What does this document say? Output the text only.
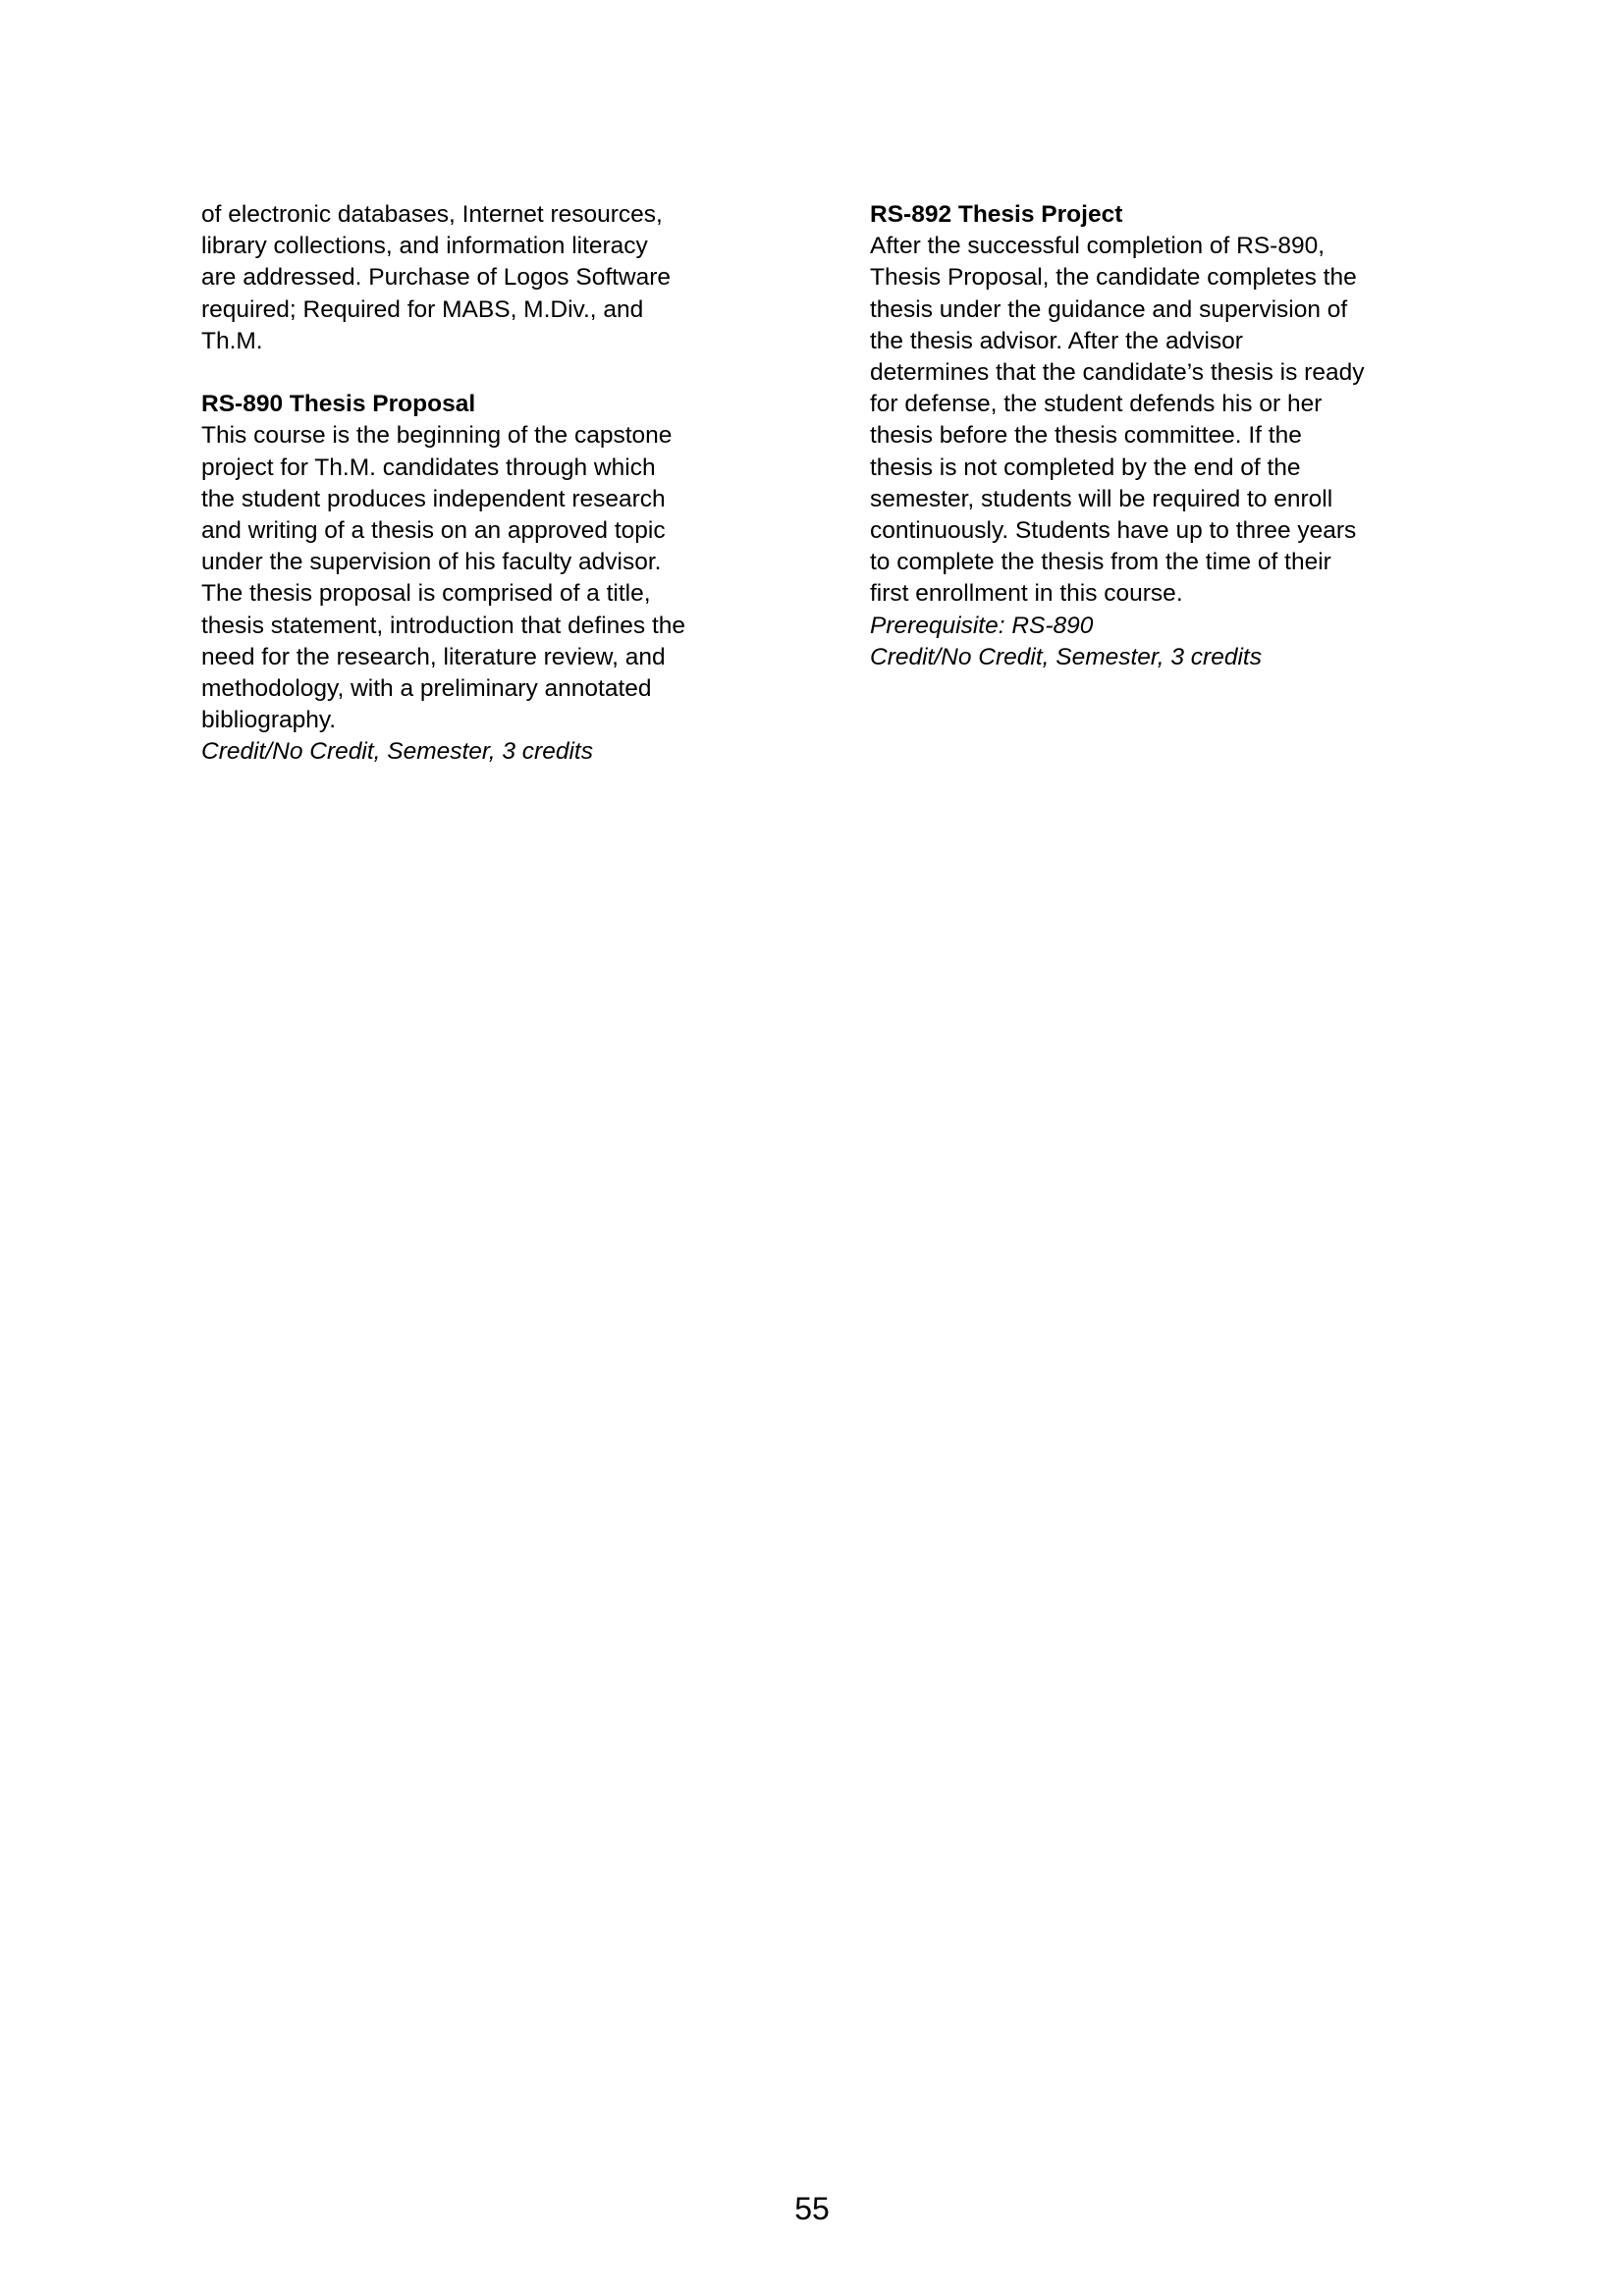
of electronic databases, Internet resources,
library collections, and information literacy
are addressed. Purchase of Logos Software
required; Required for MABS, M.Div., and
Th.M.
RS-890 Thesis Proposal
This course is the beginning of the capstone
project for Th.M. candidates through which
the student produces independent research
and writing of a thesis on an approved topic
under the supervision of his faculty advisor.
The thesis proposal is comprised of a title,
thesis statement, introduction that defines the
need for the research, literature review, and
methodology, with a preliminary annotated
bibliography.
Credit/No Credit, Semester, 3 credits
RS-892 Thesis Project
After the successful completion of RS-890,
Thesis Proposal, the candidate completes the
thesis under the guidance and supervision of
the thesis advisor. After the advisor
determines that the candidate’s thesis is ready
for defense, the student defends his or her
thesis before the thesis committee. If the
thesis is not completed by the end of the
semester, students will be required to enroll
continuously. Students have up to three years
to complete the thesis from the time of their
first enrollment in this course.
Prerequisite: RS-890
Credit/No Credit, Semester, 3 credits
55
